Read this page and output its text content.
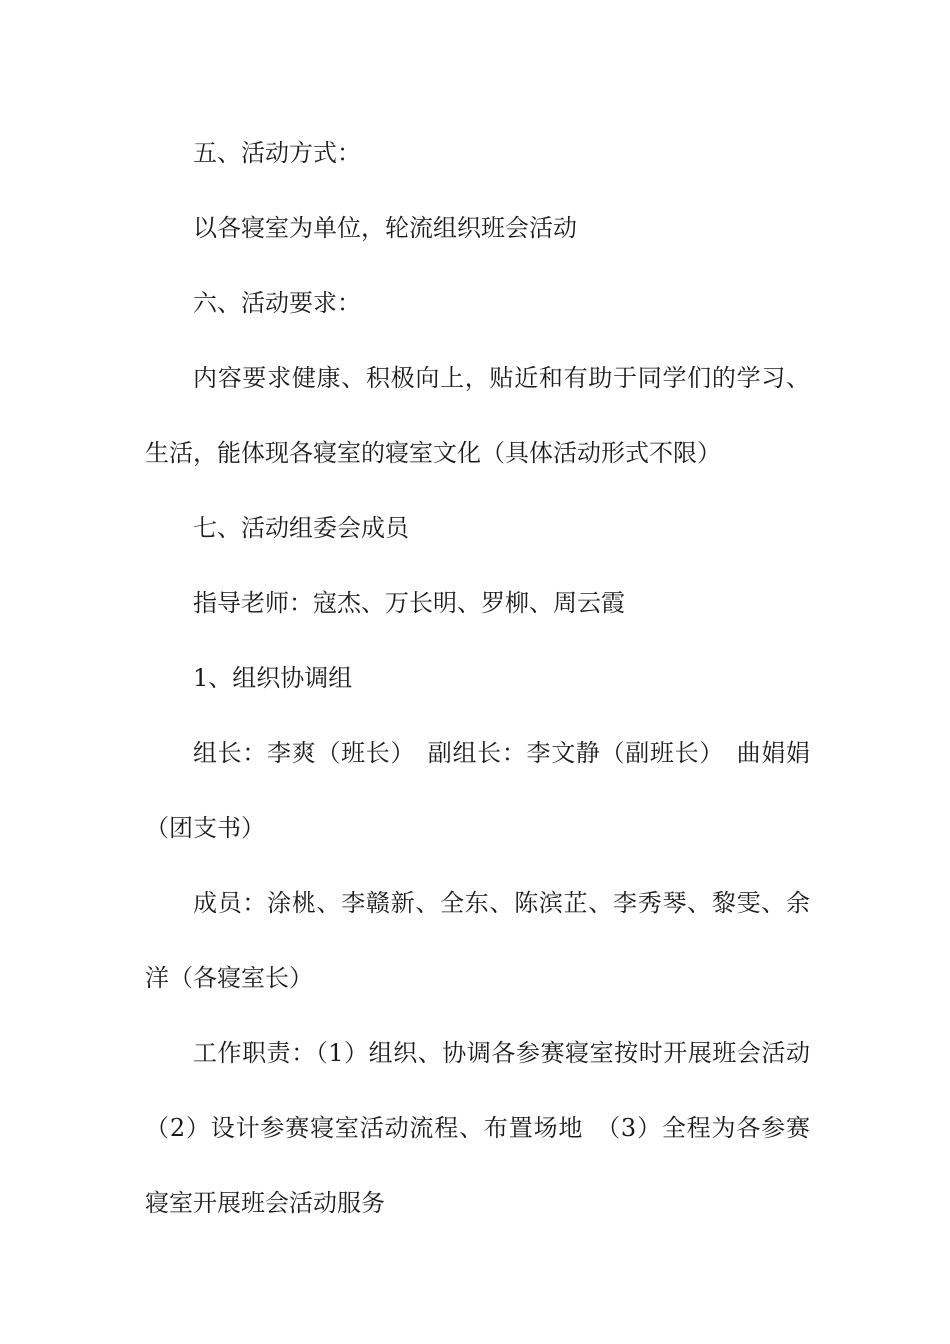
五、活动方式：

以各寝室为单位，轮流组织班会活动

六、活动要求：

内容要求健康、积极向上，贴近和有助于同学们的学习、生活，能体现各寝室的寝室文化（具体活动形式不限）

七、活动组委会成员

指导老师：寇杰、万长明、罗柳、周云霞

1、组织协调组

组长：李爽（班长）　副组长：李文静（副班长）　曲娟娟（团支书）

成员：涂桃、李赣新、全东、陈滨芷、李秀琴、黎雯、余洋（各寝室长）

工作职责：（1）组织、协调各参赛寝室按时开展班会活动（2）设计参赛寝室活动流程、布置场地　（3）全程为各参赛寝室开展班会活动服务
